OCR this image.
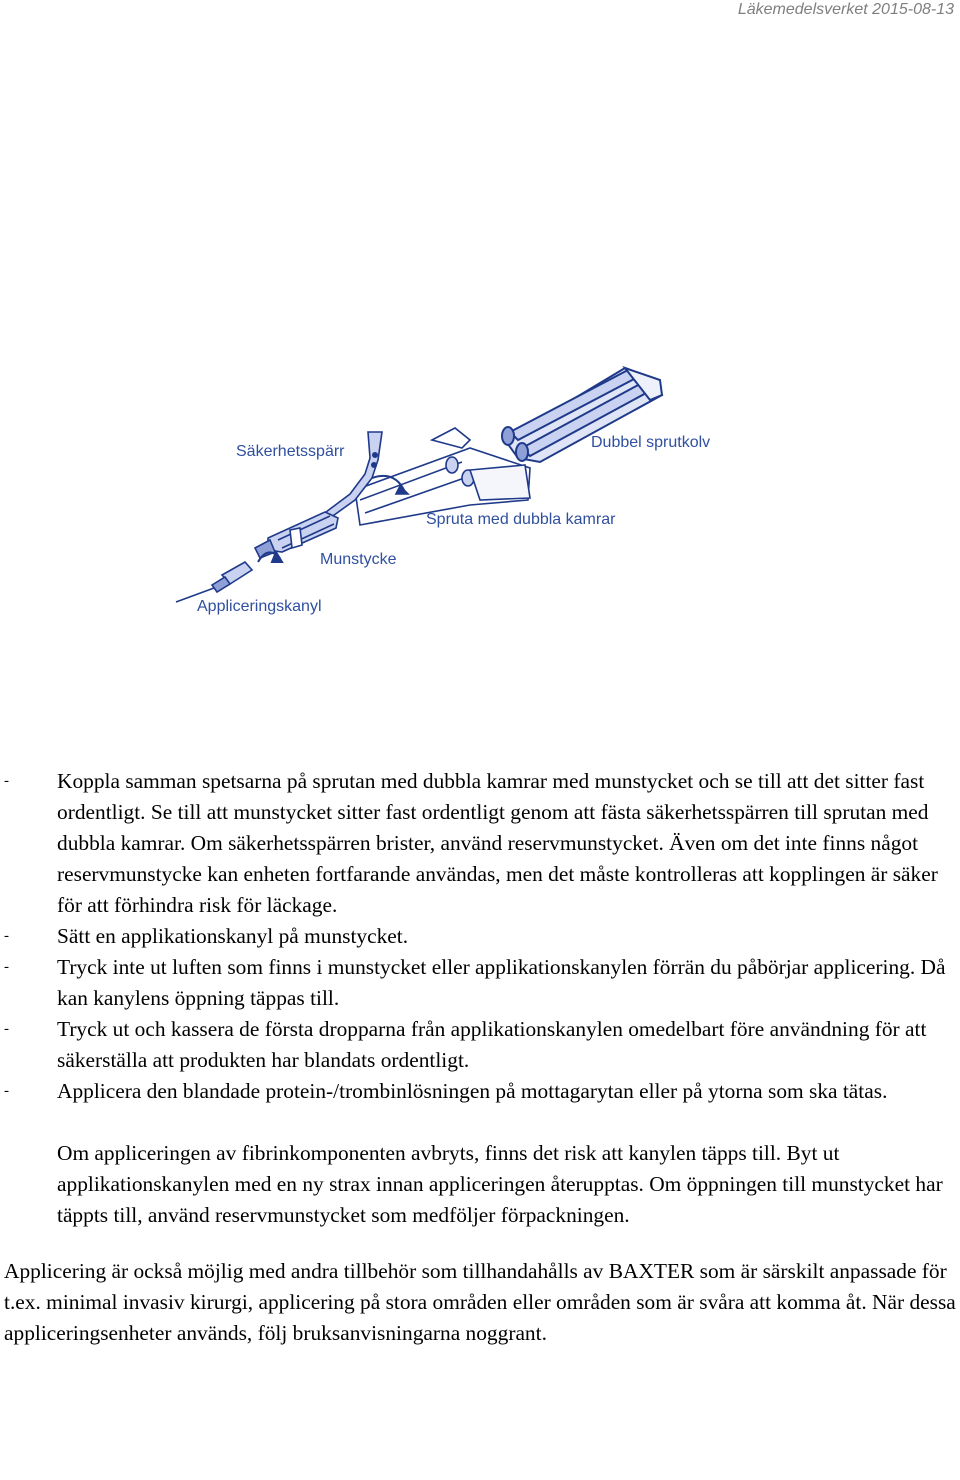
Läkemedelsverket 2015-08-13
Säkerhetsspärr
Dubbel sprutkolv
Spruta med dubbla kamrar
Munstycke
Appliceringskanyl
- Koppla samman spetsarna på sprutan med dubbla kamrar med munstycket och se till att det sitter fast ordentligt. Se till att munstycket sitter fast ordentligt genom att fästa säkerhetsspärren till sprutan med dubbla kamrar. Om säkerhetsspärren brister, använd reservmunstycket. Även om det inte finns något reservmunstycke kan enheten fortfarande användas, men det måste kontrolleras att kopplingen är säker för att förhindra risk för läckage.
- Sätt en applikationskanyl på munstycket.
- Tryck inte ut luften som finns i munstycket eller applikationskanylen förrän du påbörjar applicering. Då kan kanylens öppning täppas till.
- Tryck ut och kassera de första dropparna från applikationskanylen omedelbart före användning för att säkerställa att produkten har blandats ordentligt.
- Applicera den blandade protein-/trombinlösningen på mottagarytan eller på ytorna som ska tätas.

Om appliceringen av fibrinkomponenten avbryts, finns det risk att kanylen täpps till. Byt ut applikationskanylen med en ny strax innan appliceringen återupptas. Om öppningen till munstycket har täppts till, använd reservmunstycket som medföljer förpackningen.

Applicering är också möjlig med andra tillbehör som tillhandahålls av BAXTER som är särskilt anpassade för t.ex. minimal invasiv kirurgi, applicering på stora områden eller områden som är svåra att komma åt. När dessa appliceringsenheter används, följ bruksanvisningarna noggrant.
